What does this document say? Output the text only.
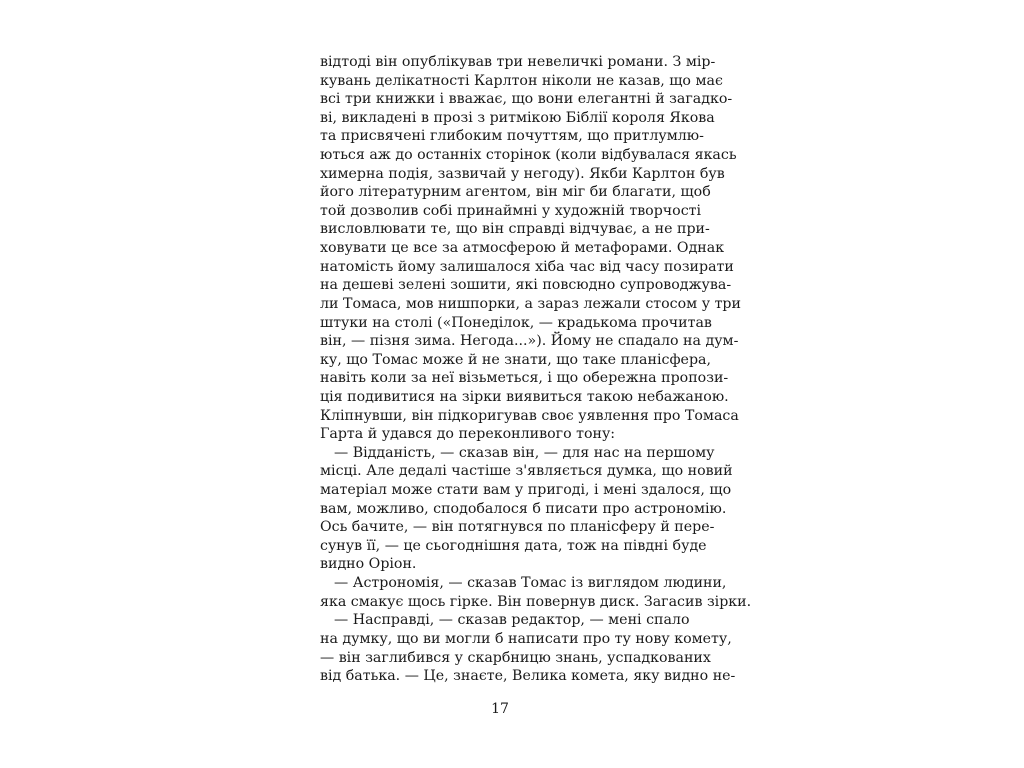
відтоді він опублікував три невеличкі романи. З мір-
кувань делікатності Карлтон ніколи не казав, що має
всі три книжки і вважає, що вони елегантні й загадко-
ві, викладені в прозі з ритмікою Біблії короля Якова
та присвячені глибоким почуттям, що притлумлю-
ються аж до останніх сторінок (коли відбувалася якась
химерна подія, зазвичай у негоду). Якби Карлтон був
його літературним агентом, він міг би благати, щоб
той дозволив собі принаймні у художній творчості
висловлювати те, що він справді відчуває, а не при-
ховувати це все за атмосферою й метафорами. Однак
натомість йому залишалося хіба час від часу позирати
на дешеві зелені зошити, які повсюдно супроводжува-
ли Томаса, мов нишпорки, а зараз лежали стосом у три
штуки на столі («Понеділок, — крадькома прочитав
він, — пізня зима. Негода...»). Йому не спадало на дум-
ку, що Томас може й не знати, що таке планісфера,
навіть коли за неї візьметься, і що обережна пропози-
ція подивитися на зірки виявиться такою небажаною.
Кліпнувши, він підкоригував своє уявлення про Томаса
Гарта й удався до переконливого тону:
— Відданість, — сказав він, — для нас на першому
місці. Але дедалі частіше з'являється думка, що новий
матеріал може стати вам у пригоді, і мені здалося, що
вам, можливо, сподобалося б писати про астрономію.
Ось бачите, — він потягнувся по планісферу й пере-
сунув її, — це сьогоднішня дата, тож на півдні буде
видно Оріон.
— Астрономія, — сказав Томас із виглядом людини,
яка смакує щось гірке. Він повернув диск. Загасив зірки.
— Насправді, — сказав редактор, — мені спало
на думку, що ви могли б написати про ту нову комету,
— він заглибився у скарбницю знань, успадкованих
від батька. — Це, знаєте, Велика комета, яку видно не-
17
